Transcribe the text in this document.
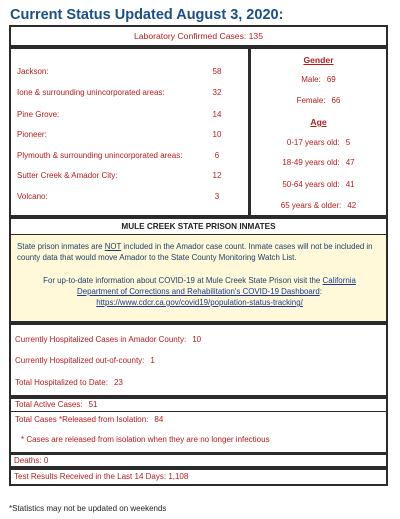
Current Status Updated August 3, 2020:
Laboratory Confirmed Cases: 135
Jackson:	58
Ione & surrounding unincorporated areas:	32
Pine Grove:	14
Pioneer:	10
Plymouth & surrounding unincorporated areas:	6
Sutter Creek & Amador City:	12
Volcano:	3
Gender
Male: 69
Female: 66
Age
0-17 years old: 5
18-49 years old: 47
50-64 years old: 41
65 years & older: 42
MULE CREEK STATE PRISON INMATES
State prison inmates are NOT included in the Amador case count. Inmate cases will not be included in county data that would move Amador to the State County Monitoring Watch List.
For up-to-date information about COVID-19 at Mule Creek State Prison visit the California Department of Corrections and Rehabilitation's COVID-19 Dashboard:
https://www.cdcr.ca.gov/covid19/population-status-tracking/
Currently Hospitalized Cases in Amador County: 10
Currently Hospitalized out-of-county: 1
Total Hospitalized to Date: 23
Total Active Cases: 51
Total Cases *Released from Isolation: 84
* Cases are released from isolation when they are no longer infectious
Deaths: 0
Test Results Received in the Last 14 Days: 1,108
*Statistics may not be updated on weekends
